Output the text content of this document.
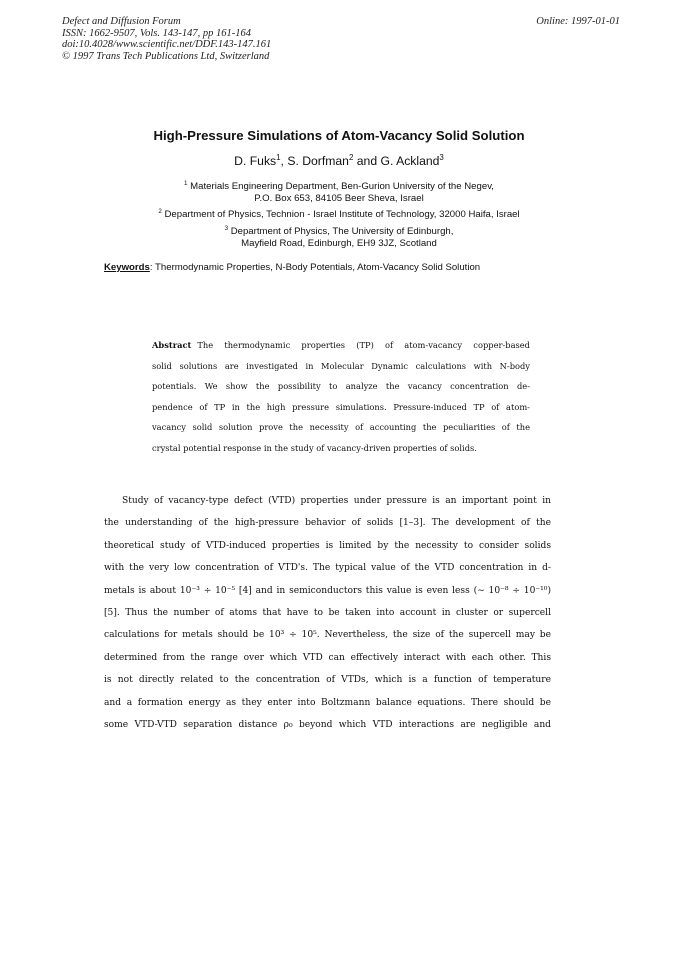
Defect and Diffusion Forum
ISSN: 1662-9507, Vols. 143-147, pp 161-164
doi:10.4028/www.scientific.net/DDF.143-147.161
© 1997 Trans Tech Publications Ltd, Switzerland
Online: 1997-01-01
High-Pressure Simulations of Atom-Vacancy Solid Solution
D. Fuks$^1$, S. Dorfman$^2$ and G. Ackland$^3$
$^1$ Materials Engineering Department, Ben-Gurion University of the Negev,
P.O. Box 653, 84105 Beer Sheva, Israel
$^2$ Department of Physics, Technion - Israel Institute of Technology, 32000 Haifa, Israel
$^3$ Department of Physics, The University of Edinburgh,
Mayfield Road, Edinburgh, EH9 3JZ, Scotland
Keywords: Thermodynamic Properties, N-Body Potentials, Atom-Vacancy Solid Solution
Abstract The thermodynamic properties (TP) of atom-vacancy copper-based
solid solutions are investigated in Molecular Dynamic calculations with N-body
potentials. We show the possibility to analyze the vacancy concentration de-
pendence of TP in the high pressure simulations. Pressure-induced TP of atom-
vacancy solid solution prove the necessity of accounting the peculiarities of the
crystal potential response in the study of vacancy-driven properties of solids.
Study of vacancy-type defect (VTD) properties under pressure is an important point in
the understanding of the high-pressure behavior of solids [1–3]. The development of the
theoretical study of VTD-induced properties is limited by the necessity to consider solids
with the very low concentration of VTD's. The typical value of the VTD concentration in d-
metals is about 10⁻³ ÷ 10⁻⁵ [4] and in semiconductors this value is even less (∼ 10⁻⁸ ÷ 10⁻¹⁰)
[5]. Thus the number of atoms that have to be taken into account in cluster or supercell
calculations for metals should be 10³ ÷ 10⁵. Nevertheless, the size of the supercell may be
determined from the range over which VTD can effectively interact with each other. This
is not directly related to the concentration of VTDs, which is a function of temperature
and a formation energy as they enter into Boltzmann balance equations. There should be
some VTD-VTD separation distance ρ₀ beyond which VTD interactions are negligible and
